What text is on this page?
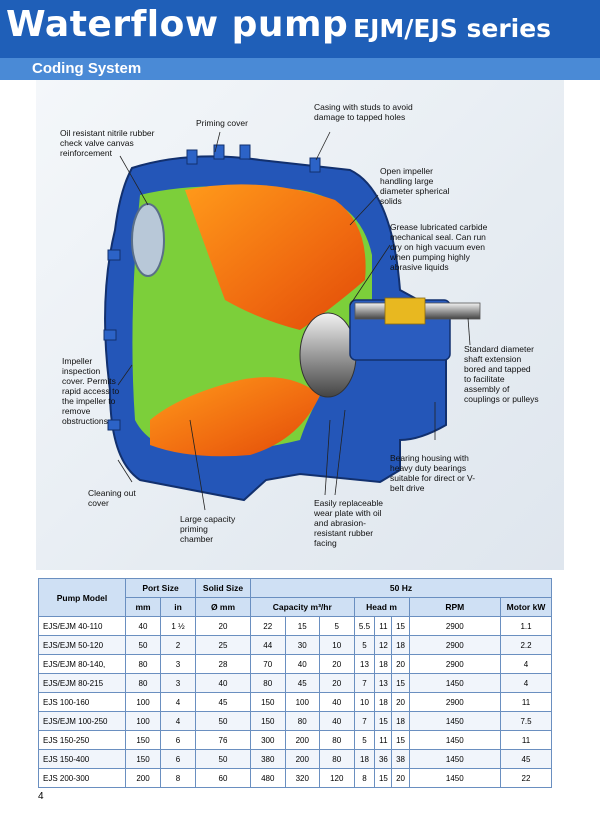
Waterflow pump EJM/EJS series
Coding System
Priming cover
Casing with studs to avoid damage to tapped holes
Oil resistant nitrile rubber check valve canvas reinforcement
Open impeller handling large diameter spherical solids
Grease lubricated carbide mechanical seal. Can run dry on high vacuum even when pumping highly abrasive liquids
Standard diameter shaft extension bored and tapped to facilitate assembly of couplings or pulleys
Impeller inspection cover. Permits rapid access to the impeller to remove obstructions
Bearing housing with heavy duty bearings suitable for direct or V-belt drive
Cleaning out cover	Easily replaceable wear plate with oil and abrasion-resistant rubber facing
Large capacity priming chamber
Pump Model	Port Size		Solid Size	50 Hz							
	mm	in	Ø mm	Capacity m³/hr			Head m			RPM	Motor kW
EJS/EJM 40-110	40	1 ½	20	22	15	5	5.5	11	15	2900	1.1
EJS/EJM 50-120	50	2	25	44	30	10	5	12	18	2900	2.2
EJS/EJM 80-140,	80	3	28	70	40	20	13	18	20	2900	4
EJS/EJM 80-215	80	3	40	80	45	20	7	13	15	1450	4
EJS 100-160	100	4	45	150	100	40	10	18	20	2900	11
EJS/EJM 100-250	100	4	50	150	80	40	7	15	18	1450	7.5
EJS 150-250	150	6	76	300	200	80	5	11	15	1450	11
EJS 150-400	150	6	50	380	200	80	18	36	38	1450	45
EJS 200-300	200	8	60	480	320	120	8	15	20	1450	22
4
